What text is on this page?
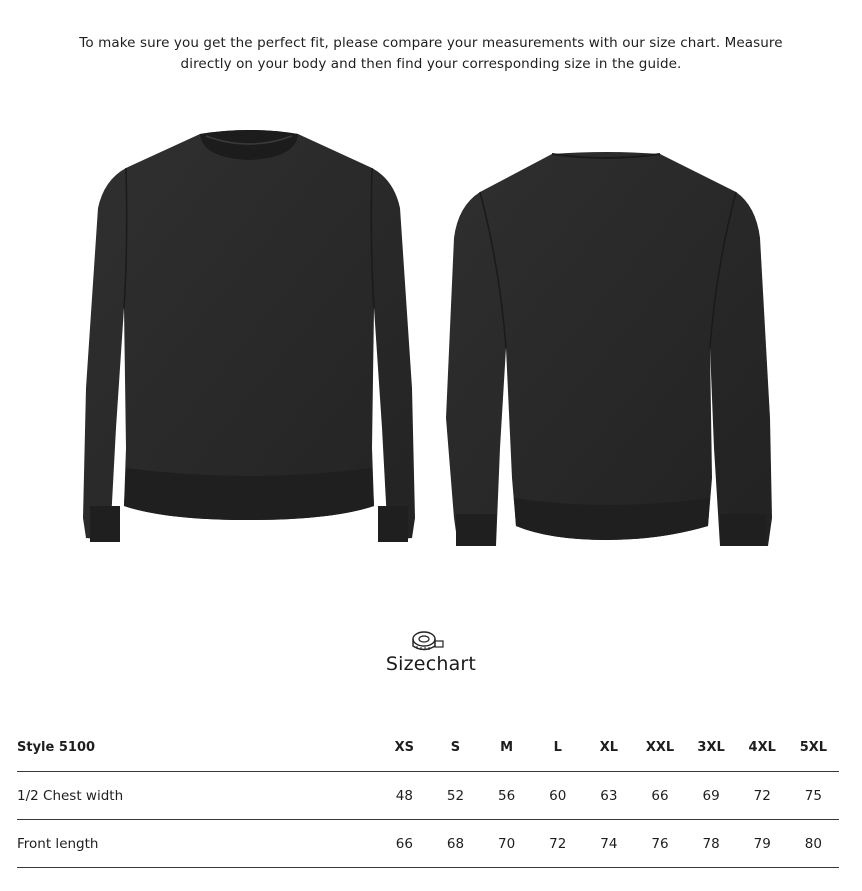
To make sure you get the perfect fit, please compare your measurements with our size chart. Measure directly on your body and then find your corresponding size in the guide.
Sizechart
Style 5100	XS	S	M	L	XL	XXL	3XL	4XL	5XL
1/2 Chest width	48	52	56	60	63	66	69	72	75
Front length	66	68	70	72	74	76	78	79	80
